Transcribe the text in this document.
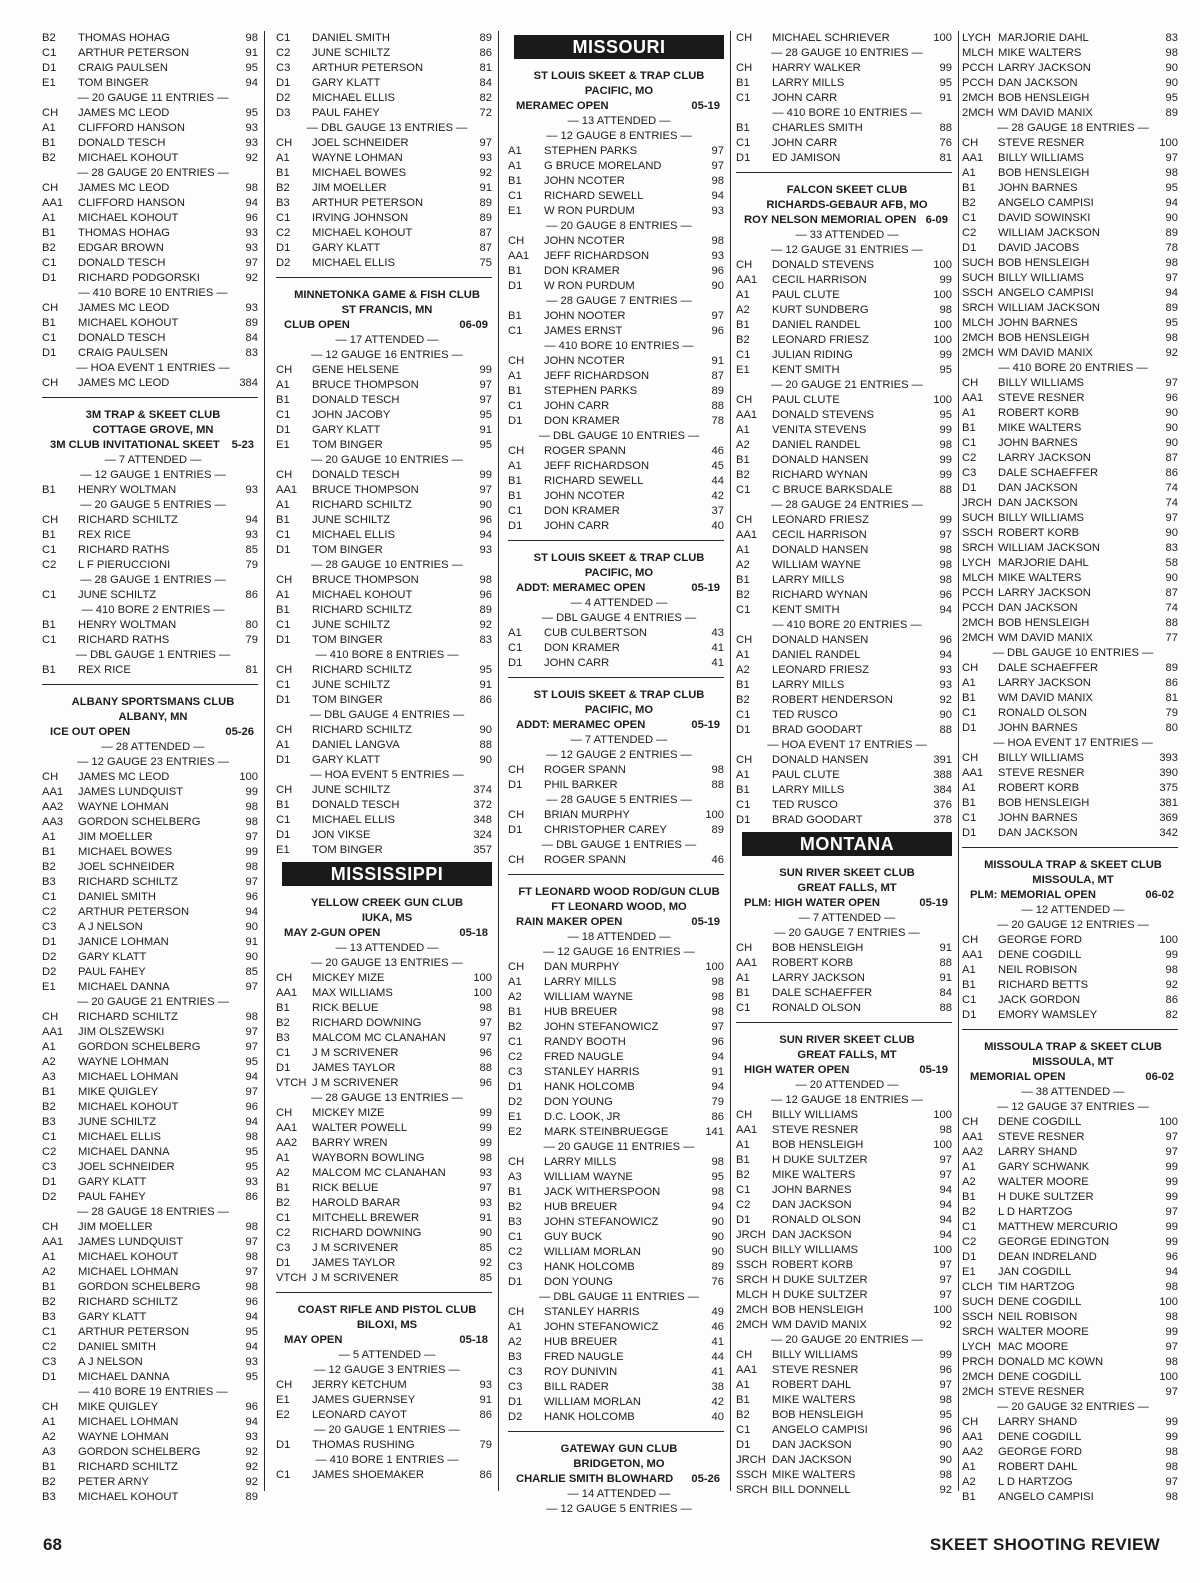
B2	THOMAS HOHAG	98
C1	ARTHUR PETERSON	91
D1	CRAIG PAULSEN	95
E1	TOM BINGER	94
— 20 GAUGE 11 ENTRIES —
CH	JAMES MC LEOD	95
A1	CLIFFORD HANSON	93
B1	DONALD TESCH	93
B2	MICHAEL KOHOUT	92
— 28 GAUGE 20 ENTRIES —
CH	JAMES MC LEOD	98
AA1	CLIFFORD HANSON	94
A1	MICHAEL KOHOUT	96
B1	THOMAS HOHAG	93
B2	EDGAR BROWN	93
C1	DONALD TESCH	97
D1	RICHARD PODGORSKI	92
— 410 BORE 10 ENTRIES —
CH	JAMES MC LEOD	93
B1	MICHAEL KOHOUT	89
C1	DONALD TESCH	84
D1	CRAIG PAULSEN	83
— HOA EVENT 1 ENTRIES —
CH	JAMES MC LEOD	384
3M TRAP & SKEET CLUB
COTTAGE GROVE, MN
3M CLUB INVITATIONAL SKEET 5-23
— 7 ATTENDED —
— 12 GAUGE 1 ENTRIES —
B1	HENRY WOLTMAN	93
— 20 GAUGE 5 ENTRIES —
CH	RICHARD SCHILTZ	94
B1	REX RICE	93
C1	RICHARD RATHS	85
C2	L F PIERUCCIONI	79
— 28 GAUGE 1 ENTRIES —
C1	JUNE SCHILTZ	86
— 410 BORE 2 ENTRIES —
B1	HENRY WOLTMAN	80
C1	RICHARD RATHS	79
— DBL GAUGE 1 ENTRIES —
B1	REX RICE	81
ALBANY SPORTSMANS CLUB
ALBANY, MN
ICE OUT OPEN	05-26
— 28 ATTENDED —
— 12 GAUGE 23 ENTRIES —
CH	JAMES MC LEOD	100
AA1	JAMES LUNDQUIST	99
AA2	WAYNE LOHMAN	98
AA3	GORDON SCHELBERG	98
A1	JIM MOELLER	97
B1	MICHAEL BOWES	99
B2	JOEL SCHNEIDER	98
B3	RICHARD SCHILTZ	97
C1	DANIEL SMITH	96
C2	ARTHUR PETERSON	94
C3	A J NELSON	90
D1	JANICE LOHMAN	91
D2	GARY KLATT	90
D2	PAUL FAHEY	85
E1	MICHAEL DANNA	97
— 20 GAUGE 21 ENTRIES —
CH	RICHARD SCHILTZ	98
AA1	JIM OLSZEWSKI	97
A1	GORDON SCHELBERG	97
A2	WAYNE LOHMAN	95
A3	MICHAEL LOHMAN	94
B1	MIKE QUIGLEY	97
B2	MICHAEL KOHOUT	96
B3	JUNE SCHILTZ	94
C1	MICHAEL ELLIS	98
C2	MICHAEL DANNA	95
C3	JOEL SCHNEIDER	95
D1	GARY KLATT	93
D2	PAUL FAHEY	86
— 28 GAUGE 18 ENTRIES —
CH	JIM MOELLER	98
AA1	JAMES LUNDQUIST	97
A1	MICHAEL KOHOUT	98
A2	MICHAEL LOHMAN	97
B1	GORDON SCHELBERG	98
B2	RICHARD SCHILTZ	96
B3	GARY KLATT	94
C1	ARTHUR PETERSON	95
C2	DANIEL SMITH	94
C3	A J NELSON	93
D1	MICHAEL DANNA	95
— 410 BORE 19 ENTRIES —
CH	MIKE QUIGLEY	96
A1	MICHAEL LOHMAN	94
A2	WAYNE LOHMAN	93
A3	GORDON SCHELBERG	92
B1	RICHARD SCHILTZ	92
B2	PETER ARNY	92
B3	MICHAEL KOHOUT	89
C1	DANIEL SMITH	89
C2	JUNE SCHILTZ	86
C3	ARTHUR PETERSON	81
D1	GARY KLATT	84
D2	MICHAEL ELLIS	82
D3	PAUL FAHEY	72
— DBL GAUGE 13 ENTRIES —
CH	JOEL SCHNEIDER	97
A1	WAYNE LOHMAN	93
B1	MICHAEL BOWES	92
B2	JIM MOELLER	91
B3	ARTHUR PETERSON	89
C1	IRVING JOHNSON	89
C2	MICHAEL KOHOUT	87
D1	GARY KLATT	87
D2	MICHAEL ELLIS	75
MINNETONKA GAME & FISH CLUB
ST FRANCIS, MN
CLUB OPEN	06-09
— 17 ATTENDED —
— 12 GAUGE 16 ENTRIES —
CH	GENE HELSENE	99
A1	BRUCE THOMPSON	97
B1	DONALD TESCH	97
C1	JOHN JACOBY	95
D1	GARY KLATT	91
E1	TOM BINGER	95
— 20 GAUGE 10 ENTRIES —
CH	DONALD TESCH	99
AA1	BRUCE THOMPSON	97
A1	RICHARD SCHILTZ	90
B1	JUNE SCHILTZ	96
C1	MICHAEL ELLIS	94
D1	TOM BINGER	93
— 28 GAUGE 10 ENTRIES —
CH	BRUCE THOMPSON	98
A1	MICHAEL KOHOUT	96
B1	RICHARD SCHILTZ	89
C1	JUNE SCHILTZ	92
D1	TOM BINGER	83
— 410 BORE 8 ENTRIES —
CH	RICHARD SCHILTZ	95
C1	JUNE SCHILTZ	91
D1	TOM BINGER	86
— DBL GAUGE 4 ENTRIES —
CH	RICHARD SCHILTZ	90
A1	DANIEL LANGVA	88
D1	GARY KLATT	90
— HOA EVENT 5 ENTRIES —
CH	JUNE SCHILTZ	374
B1	DONALD TESCH	372
C1	MICHAEL ELLIS	348
D1	JON VIKSE	324
E1	TOM BINGER	357
MISSISSIPPI
YELLOW CREEK GUN CLUB
IUKA, MS
MAY 2-GUN OPEN	05-18
— 13 ATTENDED —
— 20 GAUGE 13 ENTRIES —
CH	MICKEY MIZE	100
AA1	MAX WILLIAMS	100
B1	RICK BELUE	98
B2	RICHARD DOWNING	97
B3	MALCOM MC CLANAHAN	97
C1	J M SCRIVENER	96
D1	JAMES TAYLOR	88
VTCH J M SCRIVENER	96
— 28 GAUGE 13 ENTRIES —
CH	MICKEY MIZE	99
AA1	WALTER POWELL	99
AA2	BARRY WREN	99
A1	WAYBORN BOWLING	98
A2	MALCOM MC CLANAHAN	93
B1	RICK BELUE	97
B2	HAROLD BARAR	93
C1	MITCHELL BREWER	91
C2	RICHARD DOWNING	90
C3	J M SCRIVENER	85
D1	JAMES TAYLOR	92
VTCH J M SCRIVENER	85
COAST RIFLE AND PISTOL CLUB
BILOXI, MS
MAY OPEN	05-18
— 5 ATTENDED —
— 12 GAUGE 3 ENTRIES —
CH	JERRY KETCHUM	93
E1	JAMES GUERNSEY	91
E2	LEONARD CAYOT	86
— 20 GAUGE 1 ENTRIES —
D1	THOMAS RUSHING	79
— 410 BORE 1 ENTRIES —
C1	JAMES SHOEMAKER	86
MISSOURI
ST LOUIS SKEET & TRAP CLUB
PACIFIC, MO
MERAMEC OPEN	05-19
— 13 ATTENDED —
— 12 GAUGE 8 ENTRIES —
A1	STEPHEN PARKS	97
A1	G BRUCE MORELAND	97
B1	JOHN NCOTER	98
C1	RICHARD SEWELL	94
E1	W RON PURDUM	93
— 20 GAUGE 8 ENTRIES —
CH	JOHN NCOTER	98
AA1	JEFF RICHARDSON	93
B1	DON KRAMER	96
D1	W RON PURDUM	90
— 28 GAUGE 7 ENTRIES —
B1	JOHN NOOTER	97
C1	JAMES ERNST	96
— 410 BORE 10 ENTRIES —
CH	JOHN NCOTER	91
A1	JEFF RICHARDSON	87
B1	STEPHEN PARKS	89
C1	JOHN CARR	88
D1	DON KRAMER	78
— DBL GAUGE 10 ENTRIES —
CH	ROGER SPANN	46
A1	JEFF RICHARDSON	45
B1	RICHARD SEWELL	44
B1	JOHN NCOTER	42
C1	DON KRAMER	37
D1	JOHN CARR	40
ST LOUIS SKEET & TRAP CLUB
PACIFIC, MO
ADDT: MERAMEC OPEN	05-19
— 4 ATTENDED —
— DBL GAUGE 4 ENTRIES —
A1	CUB CULBERTSON	43
C1	DON KRAMER	41
D1	JOHN CARR	41
ST LOUIS SKEET & TRAP CLUB
PACIFIC, MO
ADDT: MERAMEC OPEN	05-19
— 7 ATTENDED —
— 12 GAUGE 2 ENTRIES —
CH	ROGER SPANN	98
D1	PHIL BARKER	88
— 28 GAUGE 5 ENTRIES —
CH	BRIAN MURPHY	100
D1	CHRISTOPHER CAREY	89
— DBL GAUGE 1 ENTRIES —
CH	ROGER SPANN	46
FT LEONARD WOOD ROD/GUN CLUB
FT LEONARD WOOD, MO
RAIN MAKER OPEN	05-19
— 18 ATTENDED —
— 12 GAUGE 16 ENTRIES —
CH	DAN MURPHY	100
A1	LARRY MILLS	98
A2	WILLIAM WAYNE	98
B1	HUB BREUER	98
B2	JOHN STEFANOWICZ	97
C1	RANDY BOOTH	96
C2	FRED NAUGLE	94
C3	STANLEY HARRIS	91
D1	HANK HOLCOMB	94
D2	DON YOUNG	79
E1	D.C. LOOK, JR	86
E2	MARK STEINBRUEGGE	141
— 20 GAUGE 11 ENTRIES —
CH	LARRY MILLS	98
A3	WILLIAM WAYNE	95
B1	JACK WITHERSPOON	98
B2	HUB BREUER	94
B3	JOHN STEFANOWICZ	90
C1	GUY BUCK	90
C2	WILLIAM MORLAN	90
C3	HANK HOLCOMB	89
D1	DON YOUNG	76
— DBL GAUGE 11 ENTRIES —
CH	STANLEY HARRIS	49
A1	JOHN STEFANOWICZ	46
A2	HUB BREUER	41
B3	FRED NAUGLE	44
C3	ROY DUNIVIN	41
C3	BILL RADER	38
D1	WILLIAM MORLAN	42
D2	HANK HOLCOMB	40
GATEWAY GUN CLUB
BRIDGETON, MO
CHARLIE SMITH BLOWHARD 05-26
— 14 ATTENDED —
— 12 GAUGE 5 ENTRIES —
CH	MICHAEL SCHRIEVER	100
— 28 GAUGE 10 ENTRIES —
CH	HARRY WALKER	99
B1	LARRY MILLS	95
C1	JOHN CARR	91
— 410 BORE 10 ENTRIES —
B1	CHARLES SMITH	88
C1	JOHN CARR	76
D1	ED JAMISON	81
FALCON SKEET CLUB
RICHARDS-GEBAUR AFB, MO
ROY NELSON MEMORIAL OPEN 6-09
— 33 ATTENDED —
— 12 GAUGE 31 ENTRIES —
CH	DONALD STEVENS	100
AA1	CECIL HARRISON	99
A1	PAUL CLUTE	100
A2	KURT SUNDBERG	98
B1	DANIEL RANDEL	100
B2	LEONARD FRIESZ	100
C1	JULIAN RIDING	99
E1	KENT SMITH	95
— 20 GAUGE 21 ENTRIES —
CH	PAUL CLUTE	100
AA1	DONALD STEVENS	95
A1	VENITA STEVENS	99
A2	DANIEL RANDEL	98
B1	DONALD HANSEN	99
B2	RICHARD WYNAN	99
C1	C BRUCE BARKSDALE	88
— 28 GAUGE 24 ENTRIES —
CH	LEONARD FRIESZ	99
AA1	CECIL HARRISON	97
A1	DONALD HANSEN	98
A2	WILLIAM WAYNE	98
B1	LARRY MILLS	98
B2	RICHARD WYNAN	96
C1	KENT SMITH	94
— 410 BORE 20 ENTRIES —
CH	DONALD HANSEN	96
A1	DANIEL RANDEL	94
A2	LEONARD FRIESZ	93
B1	LARRY MILLS	93
B2	ROBERT HENDERSON	92
C1	TED RUSCO	90
D1	BRAD GOODART	88
— HOA EVENT 17 ENTRIES —
CH	DONALD HANSEN	391
A1	PAUL CLUTE	388
B1	LARRY MILLS	384
C1	TED RUSCO	376
D1	BRAD GOODART	378
MONTANA
SUN RIVER SKEET CLUB
GREAT FALLS, MT
PLM: HIGH WATER OPEN	05-19
— 7 ATTENDED —
— 20 GAUGE 7 ENTRIES —
CH	BOB HENSLEIGH	91
AA1	ROBERT KORB	88
A1	LARRY JACKSON	91
B1	DALE SCHAEFFER	84
C1	RONALD OLSON	88
SUN RIVER SKEET CLUB
GREAT FALLS, MT
HIGH WATER OPEN	05-19
— 20 ATTENDED —
— 12 GAUGE 18 ENTRIES —
CH	BILLY WILLIAMS	100
AA1	STEVE RESNER	98
A1	BOB HENSLEIGH	100
B1	H DUKE SULTZER	97
B2	MIKE WALTERS	97
C1	JOHN BARNES	94
C2	DAN JACKSON	94
D1	RONALD OLSON	94
JRCH DAN JACKSON	94
SUCH BILLY WILLIAMS	100
SSCH ROBERT KORB	97
SRCH H DUKE SULTZER	97
MLCH H DUKE SULTZER	97
2MCH BOB HENSLEIGH	100
2MCH WM DAVID MANIX	92
— 20 GAUGE 20 ENTRIES —
CH	BILLY WILLIAMS	99
AA1	STEVE RESNER	96
A1	ROBERT DAHL	97
B1	MIKE WALTERS	98
B2	BOB HENSLEIGH	95
C1	ANGELO CAMPISI	96
D1	DAN JACKSON	90
JRCH DAN JACKSON	90
SSCH MIKE WALTERS	98
SRCH BILL DONNELL	92
LYCH MARJORIE DAHL	83
MLCH MIKE WALTERS	98
PCCH LARRY JACKSON	90
PCCH DAN JACKSON	90
2MCH BOB HENSLEIGH	95
2MCH WM DAVID MANIX	89
— 28 GAUGE 18 ENTRIES —
CH	STEVE RESNER	100
AA1	BILLY WILLIAMS	97
A1	BOB HENSLEIGH	98
B1	JOHN BARNES	95
B2	ANGELO CAMPISI	94
C1	DAVID SOWINSKI	90
C2	WILLIAM JACKSON	89
D1	DAVID JACOBS	78
SUCH BOB HENSLEIGH	98
SUCH BILLY WILLIAMS	97
SSCH ANGELO CAMPISI	94
SRCH WILLIAM JACKSON	89
MLCH JOHN BARNES	95
2MCH BOB HENSLEIGH	98
2MCH WM DAVID MANIX	92
— 410 BORE 20 ENTRIES —
CH	BILLY WILLIAMS	97
AA1	STEVE RESNER	96
A1	ROBERT KORB	90
B1	MIKE WALTERS	90
C1	JOHN BARNES	90
C2	LARRY JACKSON	87
C3	DALE SCHAEFFER	86
D1	DAN JACKSON	74
JRCH DAN JACKSON	74
SUCH BILLY WILLIAMS	97
SSCH ROBERT KORB	90
SRCH WILLIAM JACKSON	83
LYCH MARJORIE DAHL	58
MLCH MIKE WALTERS	90
PCCH LARRY JACKSON	87
PCCH DAN JACKSON	74
2MCH BOB HENSLEIGH	88
2MCH WM DAVID MANIX	77
— DBL GAUGE 10 ENTRIES —
CH	DALE SCHAEFFER	89
A1	LARRY JACKSON	86
B1	WM DAVID MANIX	81
C1	RONALD OLSON	79
D1	JOHN BARNES	80
— HOA EVENT 17 ENTRIES —
CH	BILLY WILLIAMS	393
AA1	STEVE RESNER	390
A1	ROBERT KORB	375
B1	BOB HENSLEIGH	381
C1	JOHN BARNES	369
D1	DAN JACKSON	342
MISSOULA TRAP & SKEET CLUB
MISSOULA, MT
PLM: MEMORIAL OPEN	06-02
— 12 ATTENDED —
— 20 GAUGE 12 ENTRIES —
CH	GEORGE FORD	100
AA1	DENE COGDILL	99
A1	NEIL ROBISON	98
B1	RICHARD BETTS	92
C1	JACK GORDON	86
D1	EMORY WAMSLEY	82
MISSOULA TRAP & SKEET CLUB
MISSOULA, MT
MEMORIAL OPEN	06-02
— 38 ATTENDED —
— 12 GAUGE 37 ENTRIES —
CH	DENE COGDILL	100
AA1	STEVE RESNER	97
AA2	LARRY SHAND	97
A1	GARY SCHWANK	99
A2	WALTER MOORE	99
B1	H DUKE SULTZER	99
B2	L D HARTZOG	97
C1	MATTHEW MERCURIO	99
C2	GEORGE EDINGTON	99
D1	DEAN INDRELAND	96
E1	JAN COGDILL	94
CLCH TIM HARTZOG	98
SUCH DENE COGDILL	100
SSCH NEIL ROBISON	98
SRCH WALTER MOORE	99
LYCH MAC MOORE	97
PRCH DONALD MC KOWN	98
2MCH DENE COGDILL	100
2MCH STEVE RESNER	97
— 20 GAUGE 32 ENTRIES —
CH	LARRY SHAND	99
AA1	DENE COGDILL	99
AA2	GEORGE FORD	98
A1	ROBERT DAHL	98
A2	L D HARTZOG	97
B1	ANGELO CAMPISI	98
68	SKEET SHOOTING REVIEW
